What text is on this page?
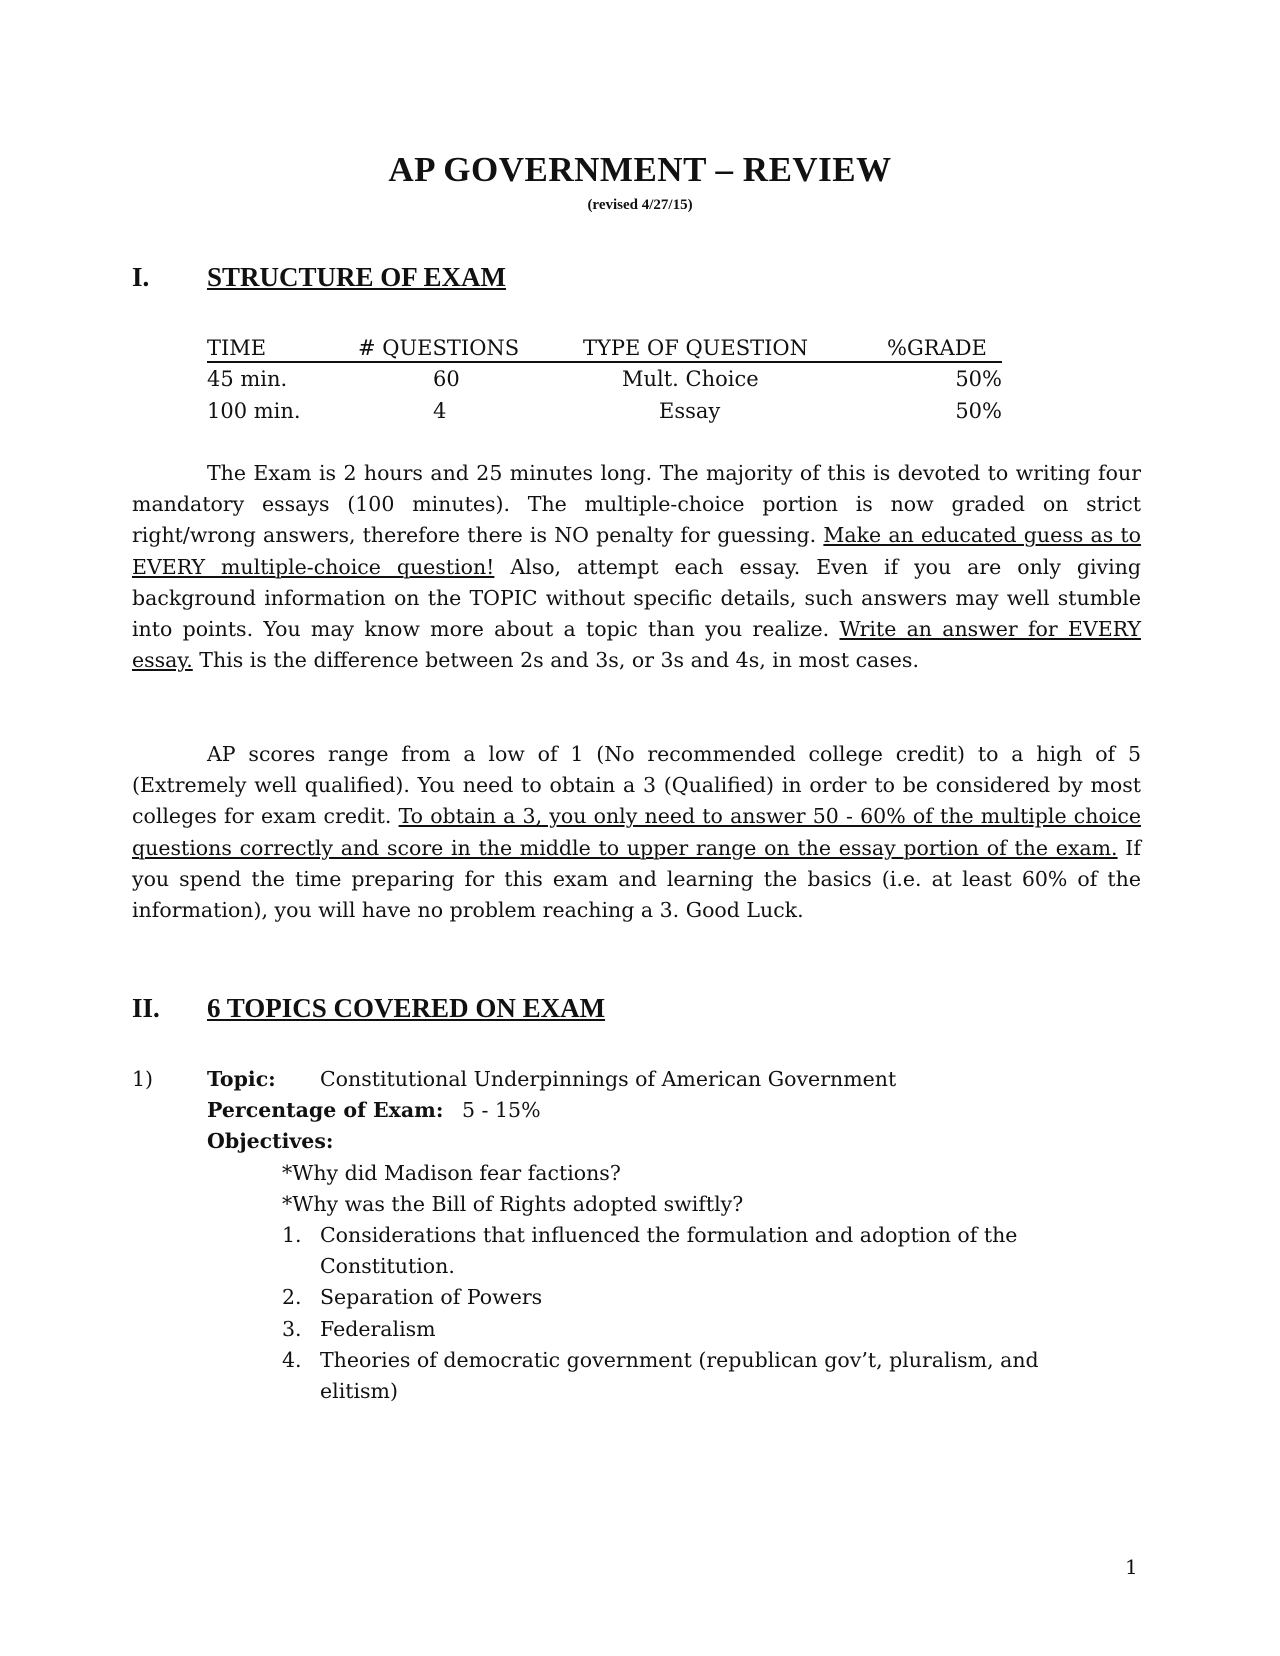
AP GOVERNMENT – REVIEW
(revised 4/27/15)
I. STRUCTURE OF EXAM
TIME	# QUESTIONS	TYPE OF QUESTION	%GRADE
45 min.	60	Mult. Choice	50%
100 min.	4	Essay	50%

The Exam is 2 hours and 25 minutes long. The majority of this is devoted to writing four mandatory essays (100 minutes). The multiple-choice portion is now graded on strict right/wrong answers, therefore there is NO penalty for guessing. Make an educated guess as to EVERY multiple-choice question! Also, attempt each essay. Even if you are only giving background information on the TOPIC without specific details, such answers may well stumble into points. You may know more about a topic than you realize. Write an answer for EVERY essay. This is the difference between 2s and 3s, or 3s and 4s, in most cases.

AP scores range from a low of 1 (No recommended college credit) to a high of 5 (Extremely well qualified). You need to obtain a 3 (Qualified) in order to be considered by most colleges for exam credit. To obtain a 3, you only need to answer 50 - 60% of the multiple choice questions correctly and score in the middle to upper range on the essay portion of the exam. If you spend the time preparing for this exam and learning the basics (i.e. at least 60% of the information), you will have no problem reaching a 3. Good Luck.

II. 6 TOPICS COVERED ON EXAM
1)	Topic: Constitutional Underpinnings of American Government
Percentage of Exam: 5 - 15%
Objectives:
*Why did Madison fear factions?
*Why was the Bill of Rights adopted swiftly?
1. Considerations that influenced the formulation and adoption of the
Constitution.
2. Separation of Powers
3. Federalism
4. Theories of democratic government (republican gov’t, pluralism, and
elitism)
1
